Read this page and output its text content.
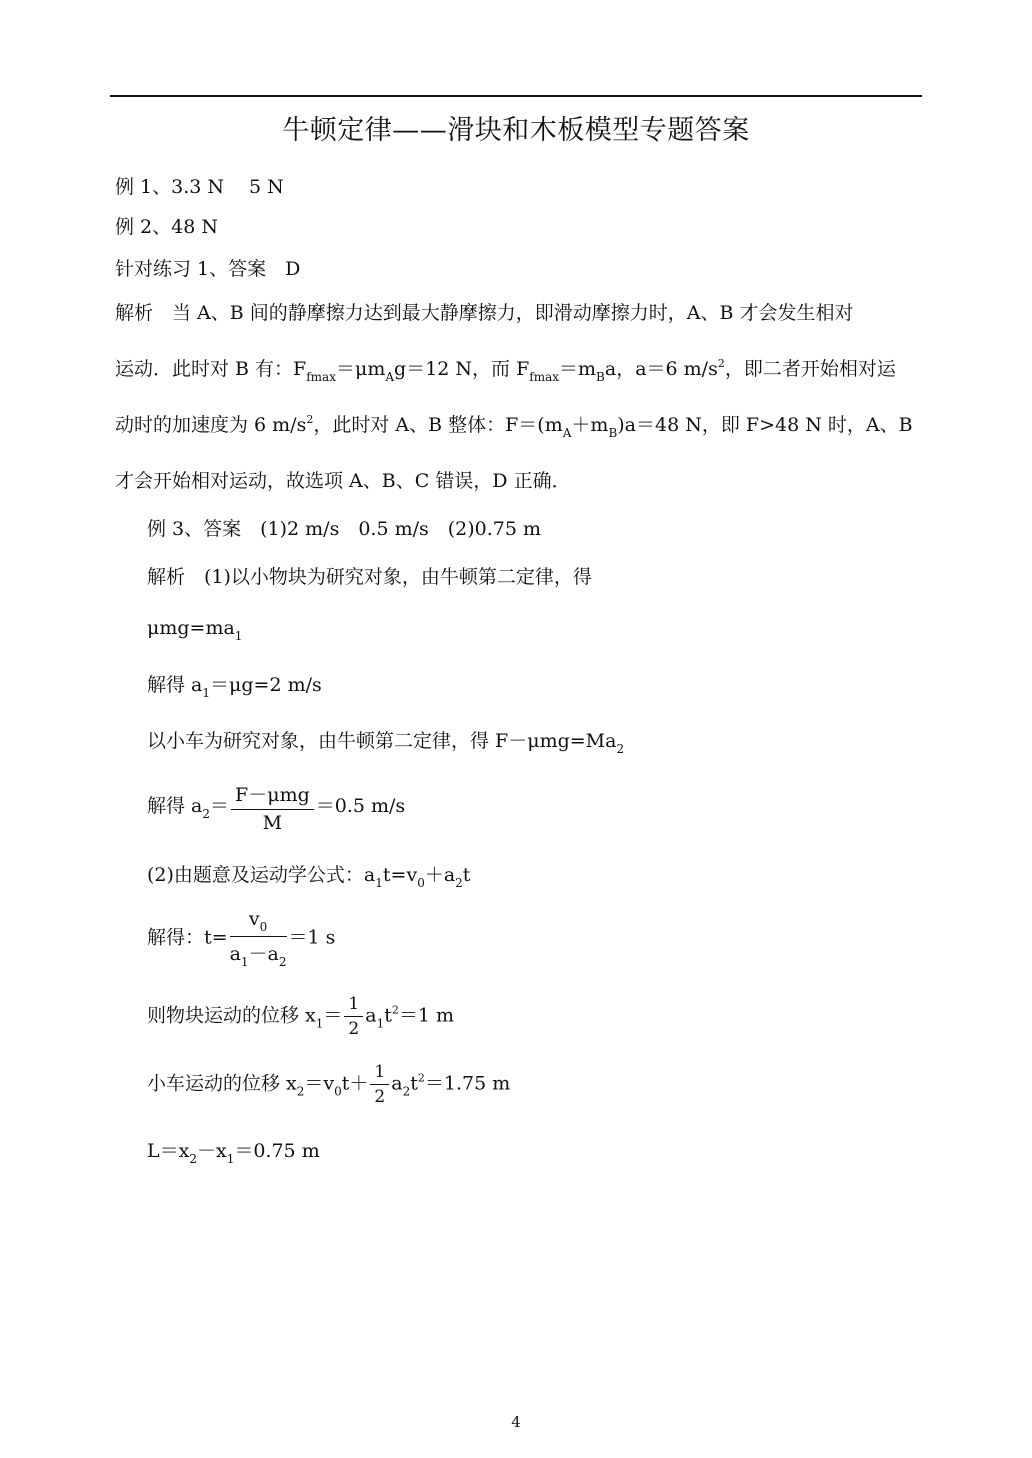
牛顿定律——滑块和木板模型专题答案
例 1、3.3 N　 5 N
例 2、48 N
针对练习 1、答案　D
解析　当 A、B 间的静摩擦力达到最大静摩擦力，即滑动摩擦力时，A、B 才会发生相对
运动．此时对 B 有：$F_{fmax}=\mu m_Ag=12$ N，而 $F_{fmax}=m_Ba$，a＝6 $m/s^2$，即二者开始相对运
动时的加速度为 6 $m/s^2$，此时对 A、B 整体：$F=(m_A+m_B)a=48$ N，即 F>48 N 时，A、B
才会开始相对运动，故选项 A、B、C 错误，D 正确．
例 3、答案　(1)2 m/s　0.5 m/s　(2)0.75 m
解析　(1)以小物块为研究对象，由牛顿第二定律，得
$\mu mg=ma_1$
解得 $a_1=\mu g=2$ m/s
以小车为研究对象，由牛顿第二定律，得 $F-\mu mg=Ma_2$
解得 $a_2= \frac{\text{F－μmg}}{M} =0.5$ m/s
(2)由题意及运动学公式：$a_1t=v_0+a_2t$
解得：$t= \frac{v_0}{a_1-a_2} =1$ s
则物块运动的位移 $x_1= \frac{1}{2} a_1t^2=1$ m
小车运动的位移 $x_2=v_0t+ \frac{1}{2} a_2t^2=1.75$ m
$L=x_2-x_1=0.75$ m
4
